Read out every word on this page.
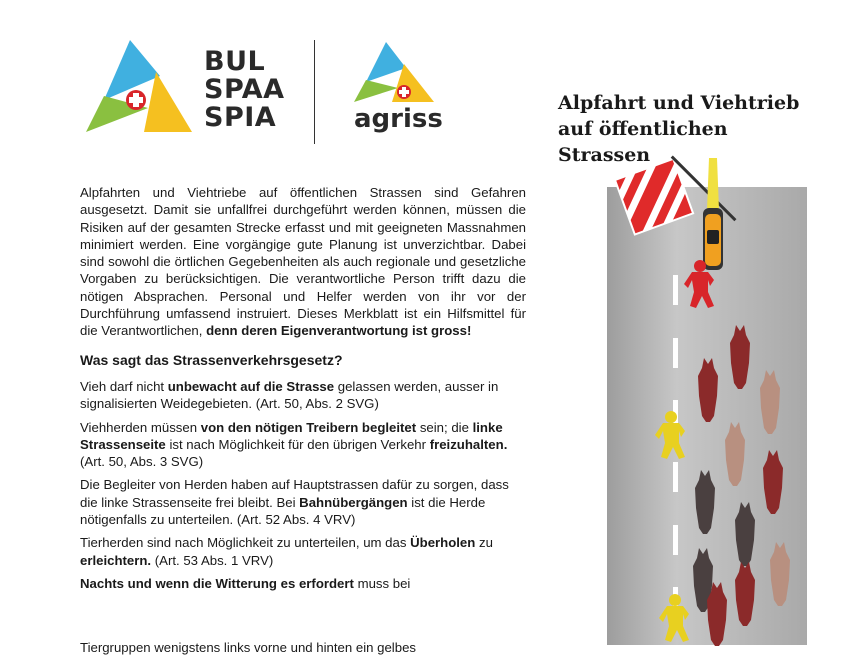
BUL
SPAA
SPIA	agriss
Alpfahrt und Viehtrieb
auf öffentlichen Strassen

Alpfahrten und Viehtriebe auf öffentlichen Strassen sind Gefahren ausgesetzt. Damit sie unfallfrei durchgeführt werden können, müssen die Risiken auf der gesamten Strecke erfasst und mit geeigneten Massnahmen minimiert werden. Eine vorgängige gute Planung ist unverzichtbar. Dabei sind sowohl die örtlichen Gegebenheiten als auch regionale und gesetzliche Vorgaben zu berücksichtigen. Die verantwortliche Person trifft dazu die nötigen Absprachen. Personal und Helfer werden von ihr vor der Durchführung umfassend instruiert. Dieses Merkblatt ist ein Hilfsmittel für die Verantwortlichen, denn deren Eigenverantwortung ist gross!

Was sagt das Strassenverkehrsgesetz?

Vieh darf nicht unbewacht auf die Strasse gelassen werden, ausser in signalisierten Weidegebieten. (Art. 50, Abs. 2 SVG)

Viehherden müssen von den nötigen Treibern begleitet sein; die linke Strassenseite ist nach Möglichkeit für den übrigen Verkehr freizuhalten. (Art. 50, Abs. 3 SVG)

Die Begleiter von Herden haben auf Hauptstrassen dafür zu sorgen, dass die linke Strassenseite frei bleibt. Bei Bahnübergängen ist die Herde nötigenfalls zu unterteilen. (Art. 52 Abs. 4 VRV)

Tierherden sind nach Möglichkeit zu unterteilen, um das Überholen zu erleichtern. (Art. 53 Abs. 1 VRV)

Nachts und wenn die Witterung es erfordert muss bei

Tiergruppen wenigstens links vorne und hinten ein gelbes
